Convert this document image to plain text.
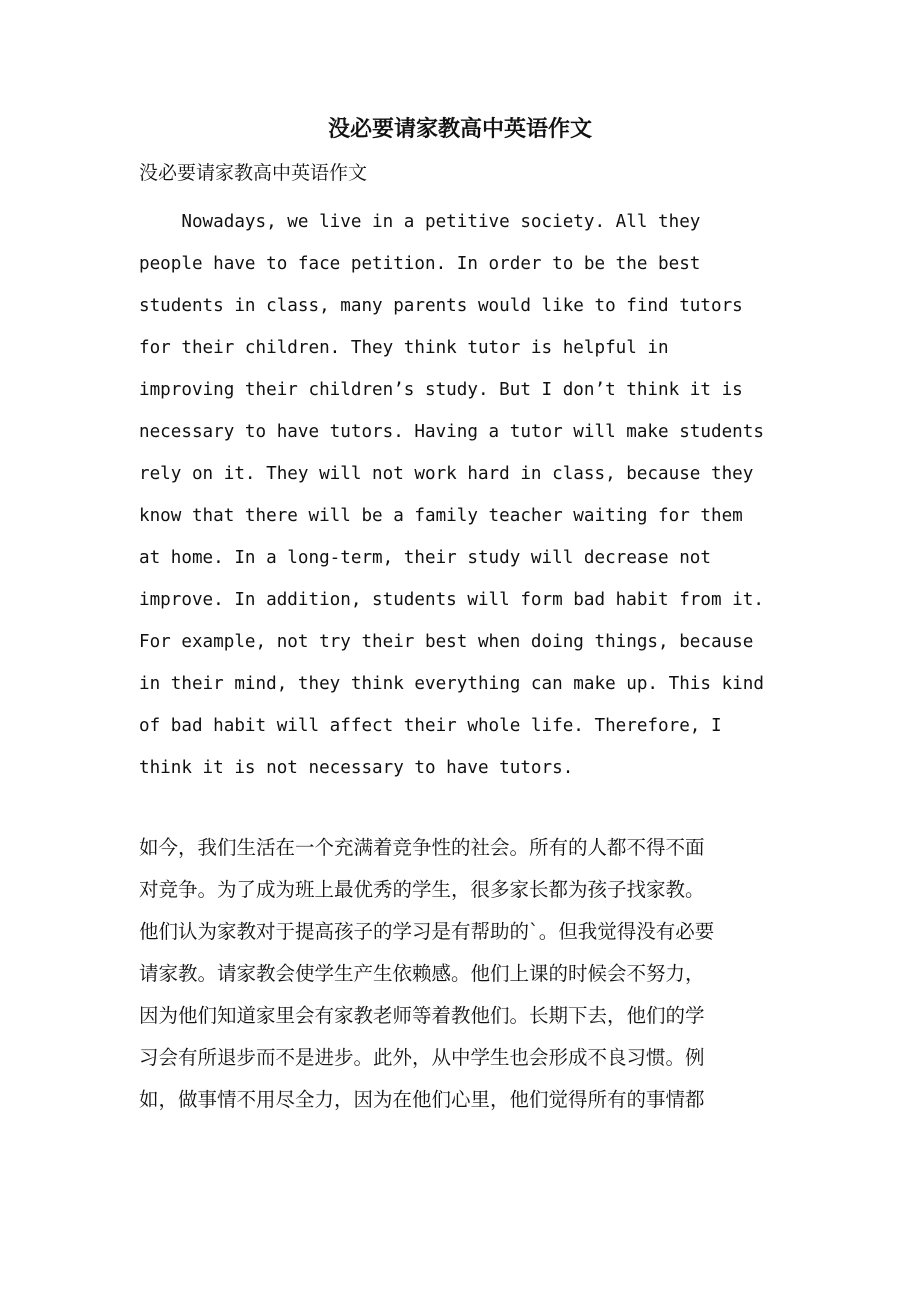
没必要请家教高中英语作文

没必要请家教高中英语作文

Nowadays, we live in a petitive society. All they
people have to face petition. In order to be the best
students in class, many parents would like to find tutors
for their children. They think tutor is helpful in
improving their children’s study. But I don’t think it is
necessary to have tutors. Having a tutor will make students
rely on it. They will not work hard in class, because they
know that there will be a family teacher waiting for them
at home. In a long-term, their study will decrease not
improve. In addition, students will form bad habit from it.
For example, not try their best when doing things, because
in their mind, they think everything can make up. This kind
of bad habit will affect their whole life. Therefore, I
think it is not necessary to have tutors.
如今，我们生活在一个充满着竞争性的社会。所有的人都不得不面
对竞争。为了成为班上最优秀的学生，很多家长都为孩子找家教。
他们认为家教对于提高孩子的学习是有帮助的`。但我觉得没有必要
请家教。请家教会使学生产生依赖感。他们上课的时候会不努力，
因为他们知道家里会有家教老师等着教他们。长期下去，他们的学
习会有所退步而不是进步。此外，从中学生也会形成不良习惯。例
如，做事情不用尽全力，因为在他们心里，他们觉得所有的事情都
